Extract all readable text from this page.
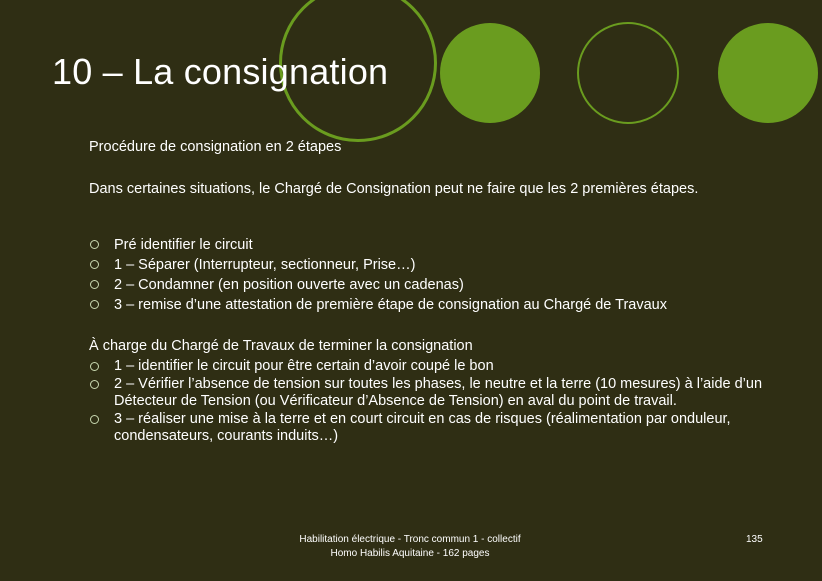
10 – La consignation
Procédure de consignation en 2 étapes
Dans certaines situations, le Chargé de Consignation peut ne faire que les 2 premières étapes.
Pré identifier le circuit
1 – Séparer (Interrupteur, sectionneur, Prise…)
2 – Condamner (en position ouverte avec un cadenas)
3 – remise d’une attestation de première étape de consignation au Chargé de Travaux
À charge du Chargé de Travaux de terminer la consignation
1 – identifier le circuit pour être certain d’avoir coupé le bon
2 – Vérifier l’absence de tension sur toutes les phases, le neutre et la terre (10 mesures) à l’aide d’un Détecteur de Tension (ou Vérificateur d’Absence de Tension) en aval du point de travail.
3 – réaliser une mise à la terre et en court circuit en cas de risques (réalimentation par onduleur, condensateurs, courants induits…)
Habilitation électrique - Tronc commun 1 - collectif
Homo Habilis Aquitaine - 162 pages
135
